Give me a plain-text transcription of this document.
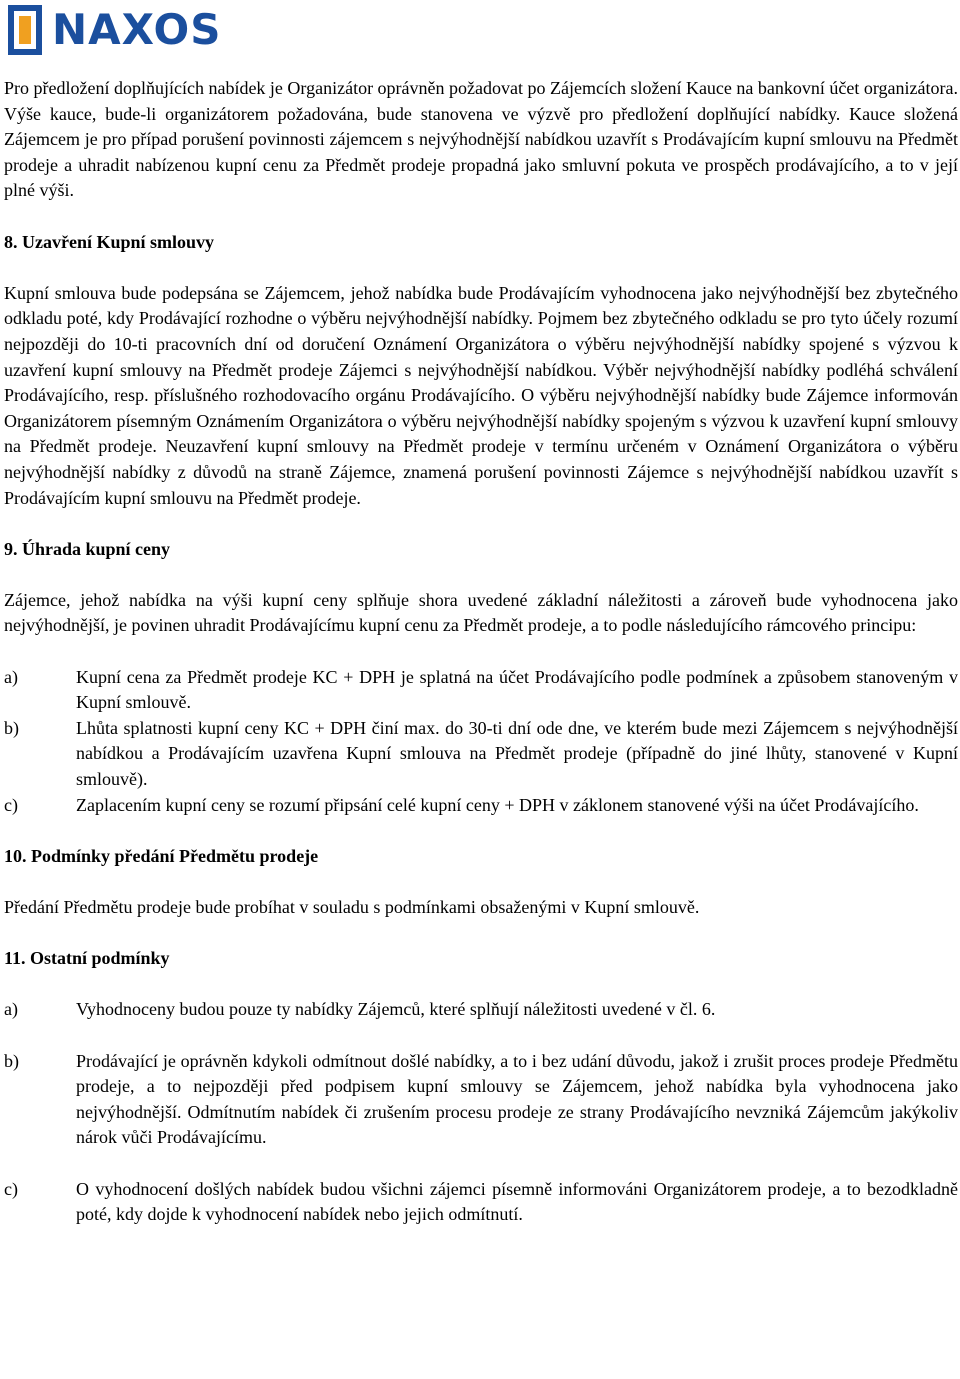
NAXOS

Pro předložení doplňujících nabídek je Organizátor oprávněn požadovat po Zájemcích složení Kauce na bankovní účet organizátora. Výše kauce, bude-li organizátorem požadována, bude stanovena ve výzvě pro předložení doplňující nabídky. Kauce složená Zájemcem je pro případ porušení povinnosti zájemcem s nejvýhodnější nabídkou uzavřít s Prodávajícím kupní smlouvu na Předmět prodeje a uhradit nabízenou kupní cenu za Předmět prodeje propadná jako smluvní pokuta ve prospěch prodávajícího, a to v její plné výši.

8. Uzavření Kupní smlouvy

Kupní smlouva bude podepsána se Zájemcem, jehož nabídka bude Prodávajícím vyhodnocena jako nejvýhodnější bez zbytečného odkladu poté, kdy Prodávající rozhodne o výběru nejvýhodnější nabídky. Pojmem bez zbytečného odkladu se pro tyto účely rozumí nejpozději do 10-ti pracovních dní od doručení Oznámení Organizátora o výběru nejvýhodnější nabídky spojené s výzvou k uzavření kupní smlouvy na Předmět prodeje Zájemci s nejvýhodnější nabídkou. Výběr nejvýhodnější nabídky podléhá schválení Prodávajícího, resp. příslušného rozhodovacího orgánu Prodávajícího. O výběru nejvýhodnější nabídky bude Zájemce informován Organizátorem písemným Oznámením Organizátora o výběru nejvýhodnější nabídky spojeným s výzvou k uzavření kupní smlouvy na Předmět prodeje. Neuzavření kupní smlouvy na Předmět prodeje v termínu určeném v Oznámení Organizátora o výběru nejvýhodnější nabídky z důvodů na straně Zájemce, znamená porušení povinnosti Zájemce s nejvýhodnější nabídkou uzavřít s Prodávajícím kupní smlouvu na Předmět prodeje.

9. Úhrada kupní ceny

Zájemce, jehož nabídka na výši kupní ceny splňuje shora uvedené základní náležitosti a zároveň bude vyhodnocena jako nejvýhodnější, je povinen uhradit Prodávajícímu kupní cenu za Předmět prodeje, a to podle následujícího rámcového principu:

a)	Kupní cena za Předmět prodeje KC + DPH je splatná na účet Prodávajícího podle podmínek a způsobem stanoveným v Kupní smlouvě.
b)	Lhůta splatnosti kupní ceny KC + DPH činí max. do 30-ti dní ode dne, ve kterém bude mezi Zájemcem s nejvýhodnější nabídkou a Prodávajícím uzavřena Kupní smlouva na Předmět prodeje (případně do jiné lhůty, stanovené v Kupní smlouvě).
c)	Zaplacením kupní ceny se rozumí připsání celé kupní ceny + DPH v záklonem stanovené výši na účet Prodávajícího.
10. Podmínky předání Předmětu prodeje

Předání Předmětu prodeje bude probíhat v souladu s podmínkami obsaženými v Kupní smlouvě.

11. Ostatní podmínky
a)	Vyhodnoceny budou pouze ty nabídky Zájemců, které splňují náležitosti uvedené v čl. 6.
b)	Prodávající je oprávněn kdykoli odmítnout došlé nabídky, a to i bez udání důvodu, jakož i zrušit proces prodeje Předmětu prodeje, a to nejpozději před podpisem kupní smlouvy se Zájemcem, jehož nabídka byla vyhodnocena jako nejvýhodnější. Odmítnutím nabídek či zrušením procesu prodeje ze strany Prodávajícího nevzniká Zájemcům jakýkoliv nárok vůči Prodávajícímu.
c)	O vyhodnocení došlých nabídek budou všichni zájemci písemně informováni Organizátorem prodeje, a to bezodkladně poté, kdy dojde k vyhodnocení nabídek nebo jejich odmítnutí.
